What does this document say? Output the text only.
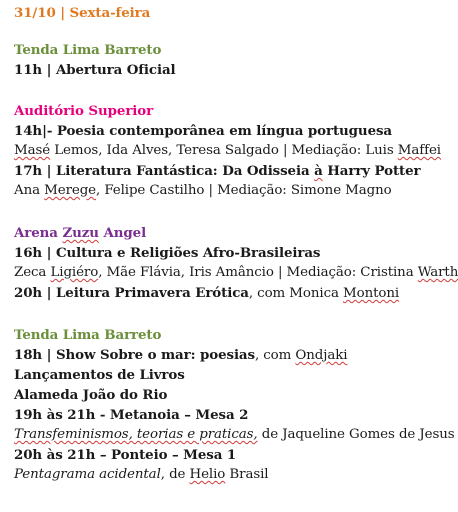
31/10 | Sexta-feira
Tenda Lima Barreto
11h | Abertura Oficial
Auditório Superior
14h|- Poesia contemporânea em língua portuguesa
Masé Lemos, Ida Alves, Teresa Salgado | Mediação: Luis Maffei
17h | Literatura Fantástica: Da Odisseia à Harry Potter
Ana Merege, Felipe Castilho | Mediação: Simone Magno
Arena Zuzu Angel
16h | Cultura e Religiões Afro-Brasileiras
Zeca Ligiéro, Mãe Flávia, Iris Amâncio | Mediação: Cristina Warth
20h | Leitura Primavera Erótica, com Monica Montoni
Tenda Lima Barreto
18h | Show Sobre o mar: poesias, com Ondjaki
Lançamentos de Livros
Alameda João do Rio
19h às 21h - Metanoia – Mesa 2
Transfeminismos, teorias e praticas, de Jaqueline Gomes de Jesus
20h às 21h – Ponteio – Mesa 1
Pentagrama acidental, de Helio Brasil
